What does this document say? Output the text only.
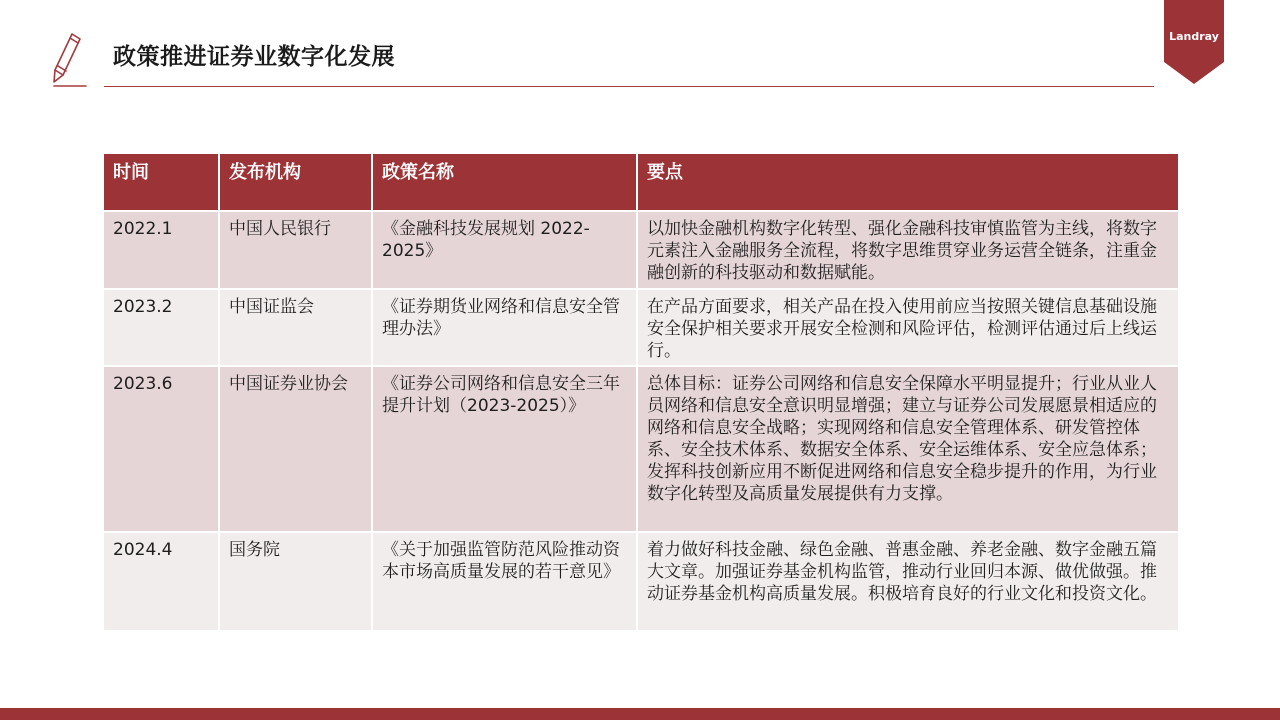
政策推进证券业数字化发展
Landray
时间	发布机构	政策名称	要点
2022.1	中国人民银行	《金融科技发展规划 2022-2025》	以加快金融机构数字化转型、强化金融科技审慎监管为主线，将数字元素注入金融服务全流程，将数字思维贯穿业务运营全链条，注重金融创新的科技驱动和数据赋能。
2023.2	中国证监会	《证券期货业网络和信息安全管理办法》	在产品方面要求，相关产品在投入使用前应当按照关键信息基础设施安全保护相关要求开展安全检测和风险评估，检测评估通过后上线运行。
2023.6	中国证券业协会	《证券公司网络和信息安全三年提升计划（2023-2025）》	总体目标：证券公司网络和信息安全保障水平明显提升；行业从业人员网络和信息安全意识明显增强；建立与证券公司发展愿景相适应的网络和信息安全战略；实现网络和信息安全管理体系、研发管控体系、安全技术体系、数据安全体系、安全运维体系、安全应急体系；发挥科技创新应用不断促进网络和信息安全稳步提升的作用，为行业数字化转型及高质量发展提供有力支撑。
2024.4	国务院	《关于加强监管防范风险推动资本市场高质量发展的若干意见》	着力做好科技金融、绿色金融、普惠金融、养老金融、数字金融五篇大文章。加强证券基金机构监管，推动行业回归本源、做优做强。推动证券基金机构高质量发展。积极培育良好的行业文化和投资文化。
